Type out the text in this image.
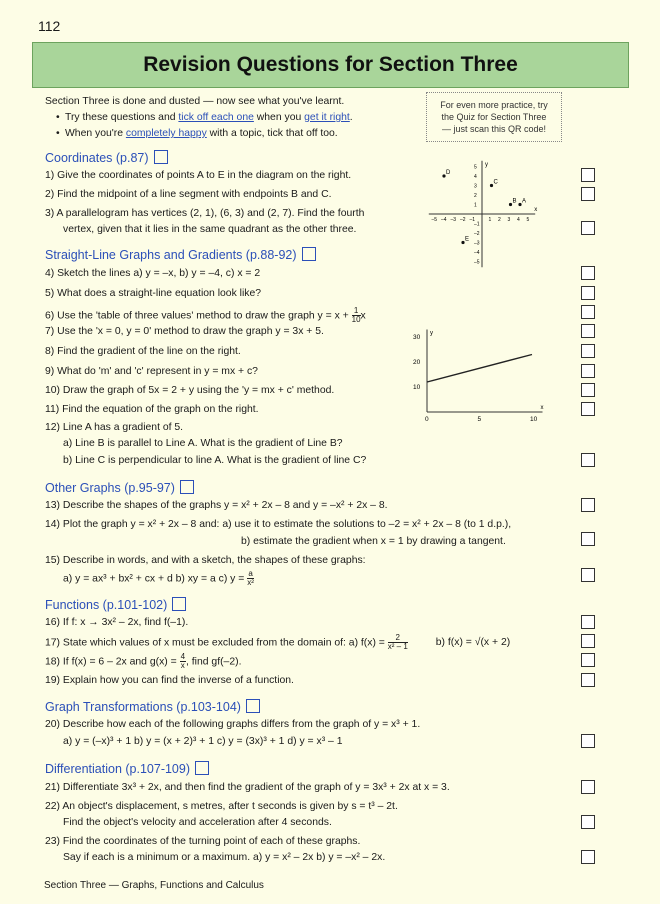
112
Revision Questions for Section Three
Section Three is done and dusted — now see what you've learnt.
• Try these questions and tick off each one when you get it right.
• When you're completely happy with a topic, tick that off too.
For even more practice, try
the Quiz for Section Three
— just scan this QR code!
Coordinates (p.87)
1) Give the coordinates of points A to E in the diagram on the right.
2) Find the midpoint of a line segment with endpoints B and C.
3) A parallelogram has vertices (2, 1), (6, 3) and (2, 7). Find the fourth
vertex, given that it lies in the same quadrant as the other three.
x
y
–5 –4 –3 –2 –1	1 2 3 4 5
5
4
3
2
1
–1
–2
–3
–4
–5
A
B
C
D
E
Straight-Line Graphs and Gradients (p.88-92)
4) Sketch the lines a) y = –x, b) y = –4, c) x = 2
5) What does a straight-line equation look like?
6) Use the 'table of three values' method to draw the graph $y = x + \frac{1}{10}$ x
7) Use the 'x = 0, y = 0' method to draw the graph y = 3x + 5.
8) Find the gradient of the line on the right.
9) What do 'm' and 'c' represent in y = mx + c?
10) Draw the graph of 5x = 2 + y using the 'y = mx + c' method.
11) Find the equation of the graph on the right.
12) Line A has a gradient of 5.
a) Line B is parallel to Line A. What is the gradient of Line B?
b) Line C is perpendicular to line A. What is the gradient of line C?
x
y
0	5	10
10
20
30
Other Graphs (p.95-97)
13) Describe the shapes of the graphs y = x² + 2x – 8 and y = –x² + 2x – 8.
14) Plot the graph y = x² + 2x – 8 and: a) use it to estimate the solutions to –2 = x² + 2x – 8 (to 1 d.p.),
b) estimate the gradient when x = 1 by drawing a tangent.
15) Describe in words, and with a sketch, the shapes of these graphs:
a) y = ax³ + bx² + cx + d b) xy = a c) $y = \frac{a}{\text{x²}}$
Functions (p.101-102)
16) If f: x → 3x² – 2x, find f(–1).
17) State which values of x must be excluded from the domain of: a) $f(x) = \frac{2}{\text{x² – 1}}$	b) f(x) = √(x + 2)
18) If f(x) = 6 – 2x and $g(x) = \frac{4}{x}$ , find gf(–2).
19) Explain how you can find the inverse of a function.
Graph Transformations (p.103-104)
20) Describe how each of the following graphs differs from the graph of y = x³ + 1.
a) y = (–x)³ + 1 b) y = (x + 2)³ + 1 c) y = (3x)³ + 1 d) y = x³ – 1
Differentiation (p.107-109)
21) Differentiate 3x³ + 2x, and then find the gradient of the graph of y = 3x³ + 2x at x = 3.
22) An object's displacement, s metres, after t seconds is given by s = t³ – 2t.
Find the object's velocity and acceleration after 4 seconds.
23) Find the coordinates of the turning point of each of these graphs.
Say if each is a minimum or a maximum. a) y = x² – 2x b) y = –x² – 2x.
Section Three — Graphs, Functions and Calculus
